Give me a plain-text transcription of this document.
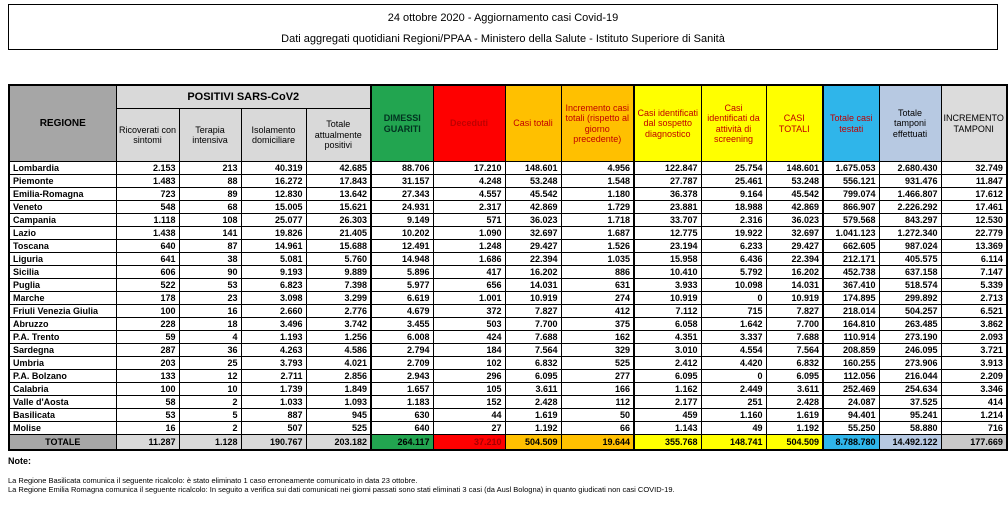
24 ottobre 2020 - Aggiornamento casi Covid-19
Dati aggregati quotidiani Regioni/PPAA - Ministero della Salute - Istituto Superiore di Sanità
REGIONE	POSITIVI SARS-CoV2				DIMESSI GUARITI	Deceduti	Casi totali	Incremento casi totali (rispetto al giorno precedente)	Casi identificati dal sospetto diagnostico	Casi identificati da attività di screening	CASI TOTALI	Totale casi testati	Totale tamponi effettuati	INCREMENTO TAMPONI
	Ricoverati con sintomi	Terapia intensiva	Isolamento domiciliare	Totale attualmente positivi										
Lombardia	2.153	213	40.319	42.685	88.706	17.210	148.601	4.956	122.847	25.754	148.601	1.675.053	2.680.430	32.749
Piemonte	1.483	88	16.272	17.843	31.157	4.248	53.248	1.548	27.787	25.461	53.248	556.121	931.476	11.847
Emilia-Romagna	723	89	12.830	13.642	27.343	4.557	45.542	1.180	36.378	9.164	45.542	799.074	1.466.807	17.612
Veneto	548	68	15.005	15.621	24.931	2.317	42.869	1.729	23.881	18.988	42.869	866.907	2.226.292	17.461
Campania	1.118	108	25.077	26.303	9.149	571	36.023	1.718	33.707	2.316	36.023	579.568	843.297	12.530
Lazio	1.438	141	19.826	21.405	10.202	1.090	32.697	1.687	12.775	19.922	32.697	1.041.123	1.272.340	22.779
Toscana	640	87	14.961	15.688	12.491	1.248	29.427	1.526	23.194	6.233	29.427	662.605	987.024	13.369
Liguria	641	38	5.081	5.760	14.948	1.686	22.394	1.035	15.958	6.436	22.394	212.171	405.575	6.114
Sicilia	606	90	9.193	9.889	5.896	417	16.202	886	10.410	5.792	16.202	452.738	637.158	7.147
Puglia	522	53	6.823	7.398	5.977	656	14.031	631	3.933	10.098	14.031	367.410	518.574	5.339
Marche	178	23	3.098	3.299	6.619	1.001	10.919	274	10.919	0	10.919	174.895	299.892	2.713
Friuli Venezia Giulia	100	16	2.660	2.776	4.679	372	7.827	412	7.112	715	7.827	218.014	504.257	6.521
Abruzzo	228	18	3.496	3.742	3.455	503	7.700	375	6.058	1.642	7.700	164.810	263.485	3.862
P.A. Trento	59	4	1.193	1.256	6.008	424	7.688	162	4.351	3.337	7.688	110.914	273.190	2.093
Sardegna	287	36	4.263	4.586	2.794	184	7.564	329	3.010	4.554	7.564	208.859	246.095	3.721
Umbria	203	25	3.793	4.021	2.709	102	6.832	525	2.412	4.420	6.832	160.255	273.906	3.913
P.A. Bolzano	133	12	2.711	2.856	2.943	296	6.095	277	6.095	0	6.095	112.056	216.044	2.209
Calabria	100	10	1.739	1.849	1.657	105	3.611	166	1.162	2.449	3.611	252.469	254.634	3.346
Valle d'Aosta	58	2	1.033	1.093	1.183	152	2.428	112	2.177	251	2.428	24.087	37.525	414
Basilicata	53	5	887	945	630	44	1.619	50	459	1.160	1.619	94.401	95.241	1.214
Molise	16	2	507	525	640	27	1.192	66	1.143	49	1.192	55.250	58.880	716
TOTALE	11.287	1.128	190.767	203.182	264.117	37.210	504.509	19.644	355.768	148.741	504.509	8.788.780	14.492.122	177.669
Note:
La Regione Basilicata comunica il seguente ricalcolo: è stato eliminato 1 caso erroneamente comunicato in data 23 ottobre.
La Regione Emilia Romagna comunica il seguente ricalcolo: In seguito a verifica sui dati comunicati nei giorni passati sono stati eliminati 3 casi (da Ausl Bologna) in quanto giudicati non casi COVID-19.
